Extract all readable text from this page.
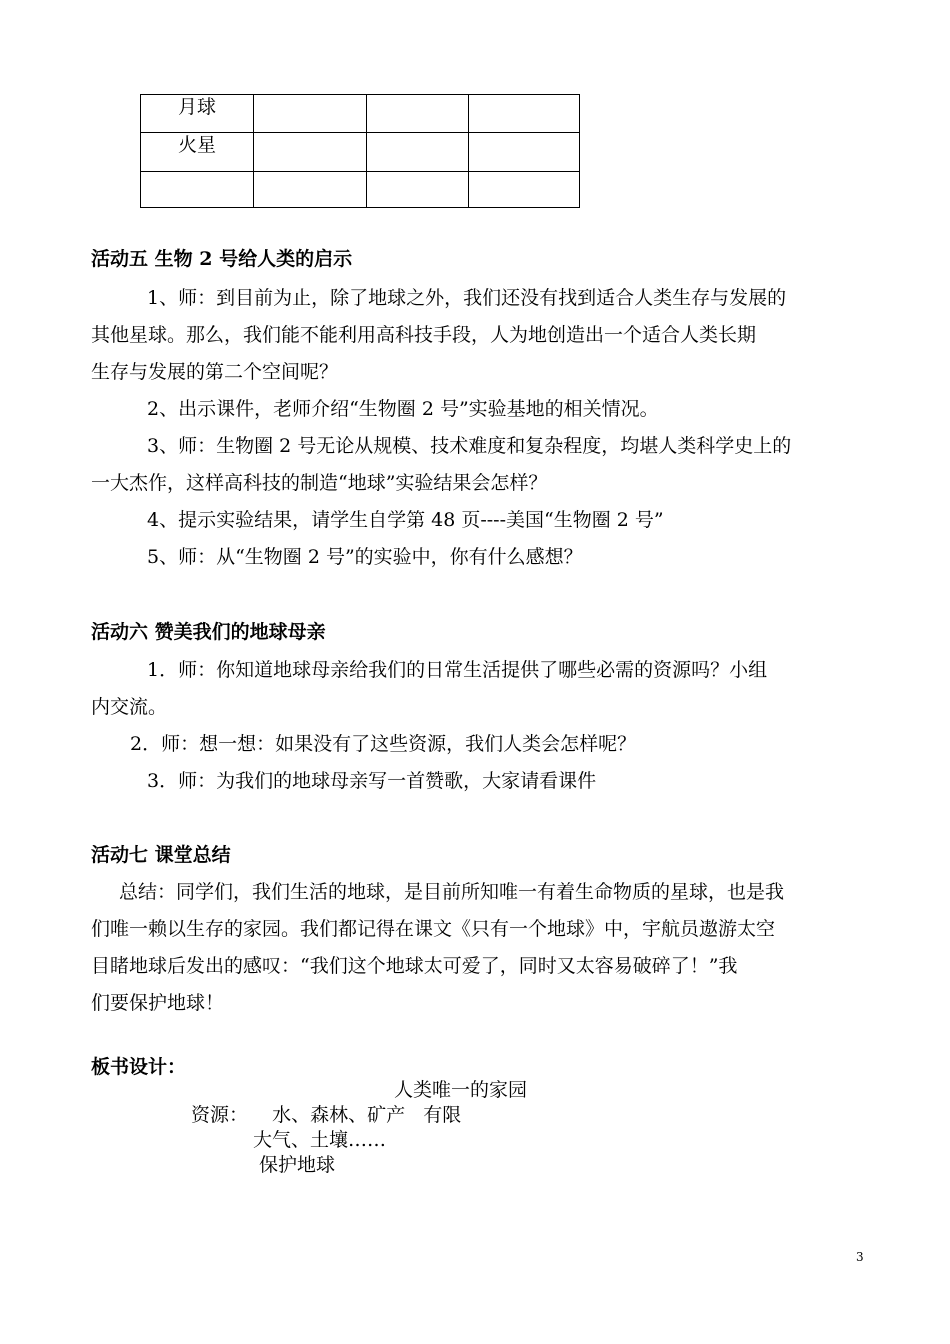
月球			
火星			

活动五 生物 2 号给人类的启示
1、师：到目前为止，除了地球之外，我们还没有找到适合人类生存与发展的
其他星球。那么，我们能不能利用高科技手段，人为地创造出一个适合人类长期
生存与发展的第二个空间呢？
2、出示课件，老师介绍“生物圈 2 号”实验基地的相关情况。
3、师：生物圈 2 号无论从规模、技术难度和复杂程度，均堪人类科学史上的
一大杰作，这样高科技的制造“地球”实验结果会怎样？
4、提示实验结果，请学生自学第 48 页----美国“生物圈 2 号”
5、师：从“生物圈 2 号”的实验中，你有什么感想？
活动六 赞美我们的地球母亲
1．师：你知道地球母亲给我们的日常生活提供了哪些必需的资源吗？小组
内交流。
2．师：想一想：如果没有了这些资源，我们人类会怎样呢？
3．师：为我们的地球母亲写一首赞歌，大家请看课件
活动七 课堂总结
总结：同学们，我们生活的地球，是目前所知唯一有着生命物质的星球，也是我
们唯一赖以生存的家园。我们都记得在课文《只有一个地球》中，宇航员遨游太空
目睹地球后发出的感叹：“我们这个地球太可爱了，同时又太容易破碎了！”我
们要保护地球！
板书设计：
人类唯一的家园
资源：    水、森林、矿产   有限
大气、土壤……
保护地球
3
